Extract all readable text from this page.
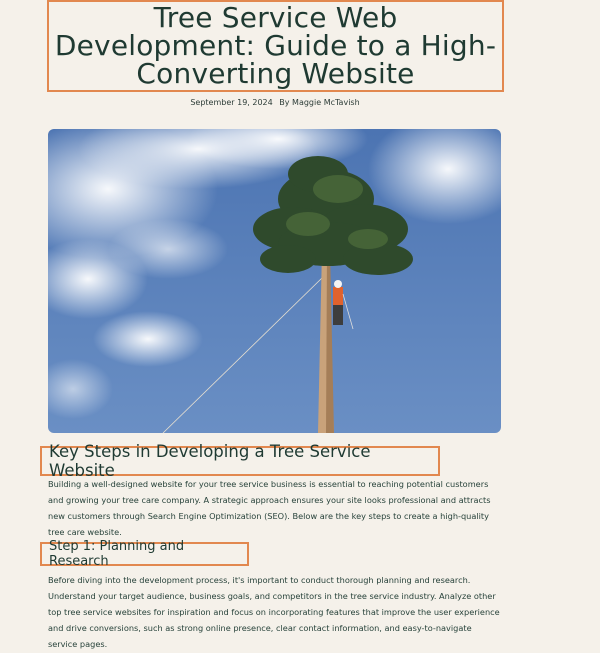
Tree Service Web Development: Guide to a High-Converting Website
September 19, 2024 By Maggie McTavish
Key Steps in Developing a Tree Service Website

Building a well-designed website for your tree service business is essential to reaching potential customers and growing your tree care company. A strategic approach ensures your site looks professional and attracts new customers through Search Engine Optimization (SEO). Below are the key steps to create a high-quality tree care website.

Step 1: Planning and Research

Before diving into the development process, it's important to conduct thorough planning and research. Understand your target audience, business goals, and competitors in the tree service industry. Analyze other top tree service websites for inspiration and focus on incorporating features that improve the user experience and drive conversions, such as strong online presence, clear contact information, and easy-to-navigate service pages.
